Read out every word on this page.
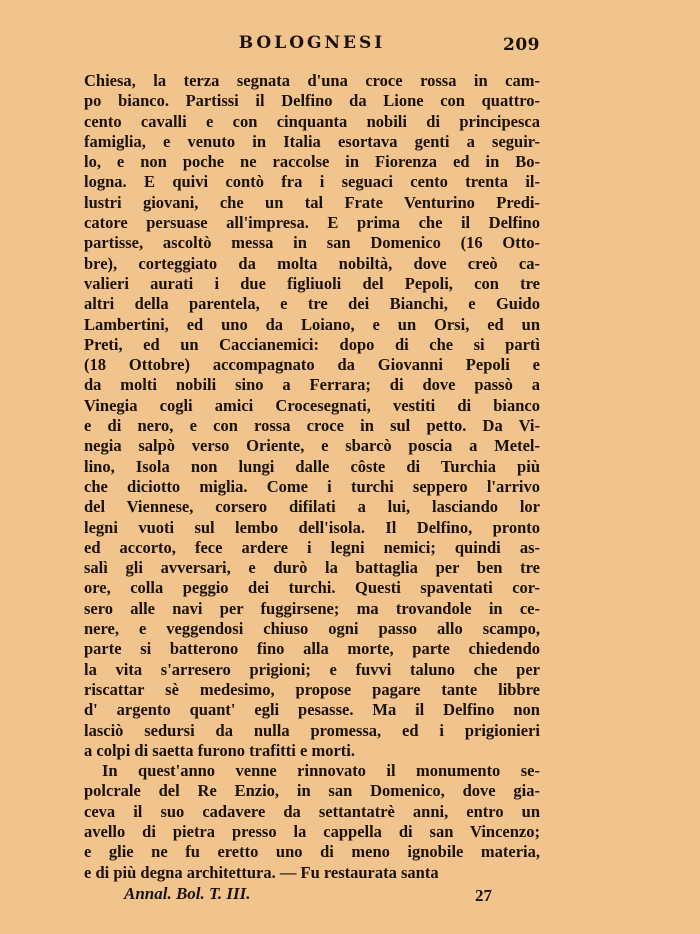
BOLOGNESI	209
Chiesa, la terza segnata d'una croce rossa in cam-
po bianco. Partissi il Delfino da Lione con quattro-
cento cavalli e con cinquanta nobili di principesca
famiglia, e venuto in Italia esortava genti a seguir-
lo, e non poche ne raccolse in Fiorenza ed in Bo-
logna. E quivi contò fra i seguaci cento trenta il-
lustri giovani, che un tal Frate Venturino Predi-
catore persuase all'impresa. E prima che il Delfino
partisse, ascoltò messa in san Domenico (16 Otto-
bre), corteggiato da molta nobiltà, dove creò ca-
valieri aurati i due figliuoli del Pepoli, con tre
altri della parentela, e tre dei Bianchi, e Guido
Lambertini, ed uno da Loiano, e un Orsi, ed un
Preti, ed un Caccianemici: dopo di che si partì
(18 Ottobre) accompagnato da Giovanni Pepoli e
da molti nobili sino a Ferrara; di dove passò a
Vinegia cogli amici Crocesegnati, vestiti di bianco
e di nero, e con rossa croce in sul petto. Da Vi-
negia salpò verso Oriente, e sbarcò poscia a Metel-
lino, Isola non lungi dalle côste di Turchia più
che diciotto miglia. Come i turchi seppero l'arrivo
del Viennese, corsero difilati a lui, lasciando lor
legni vuoti sul lembo dell'isola. Il Delfino, pronto
ed accorto, fece ardere i legni nemici; quindi as-
salì gli avversari, e durò la battaglia per ben tre
ore, colla peggio dei turchi. Questi spaventati cor-
sero alle navi per fuggirsene; ma trovandole in ce-
nere, e veggendosi chiuso ogni passo allo scampo,
parte si batterono fino alla morte, parte chiedendo
la vita s'arresero prigioni; e fuvvi taluno che per
riscattar sè medesimo, propose pagare tante libbre
d' argento quant' egli pesasse. Ma il Delfino non
lasciò sedursi da nulla promessa, ed i prigionieri
a colpi di saetta furono trafitti e morti.
In quest'anno venne rinnovato il monumento se-
polcrale del Re Enzio, in san Domenico, dove gia-
ceva il suo cadavere da settantatrè anni, entro un
avello di pietra presso la cappella di san Vincenzo;
e glie ne fu eretto uno di meno ignobile materia,
e di più degna architettura. — Fu restaurata santa
Annal. Bol. T. III.	27
